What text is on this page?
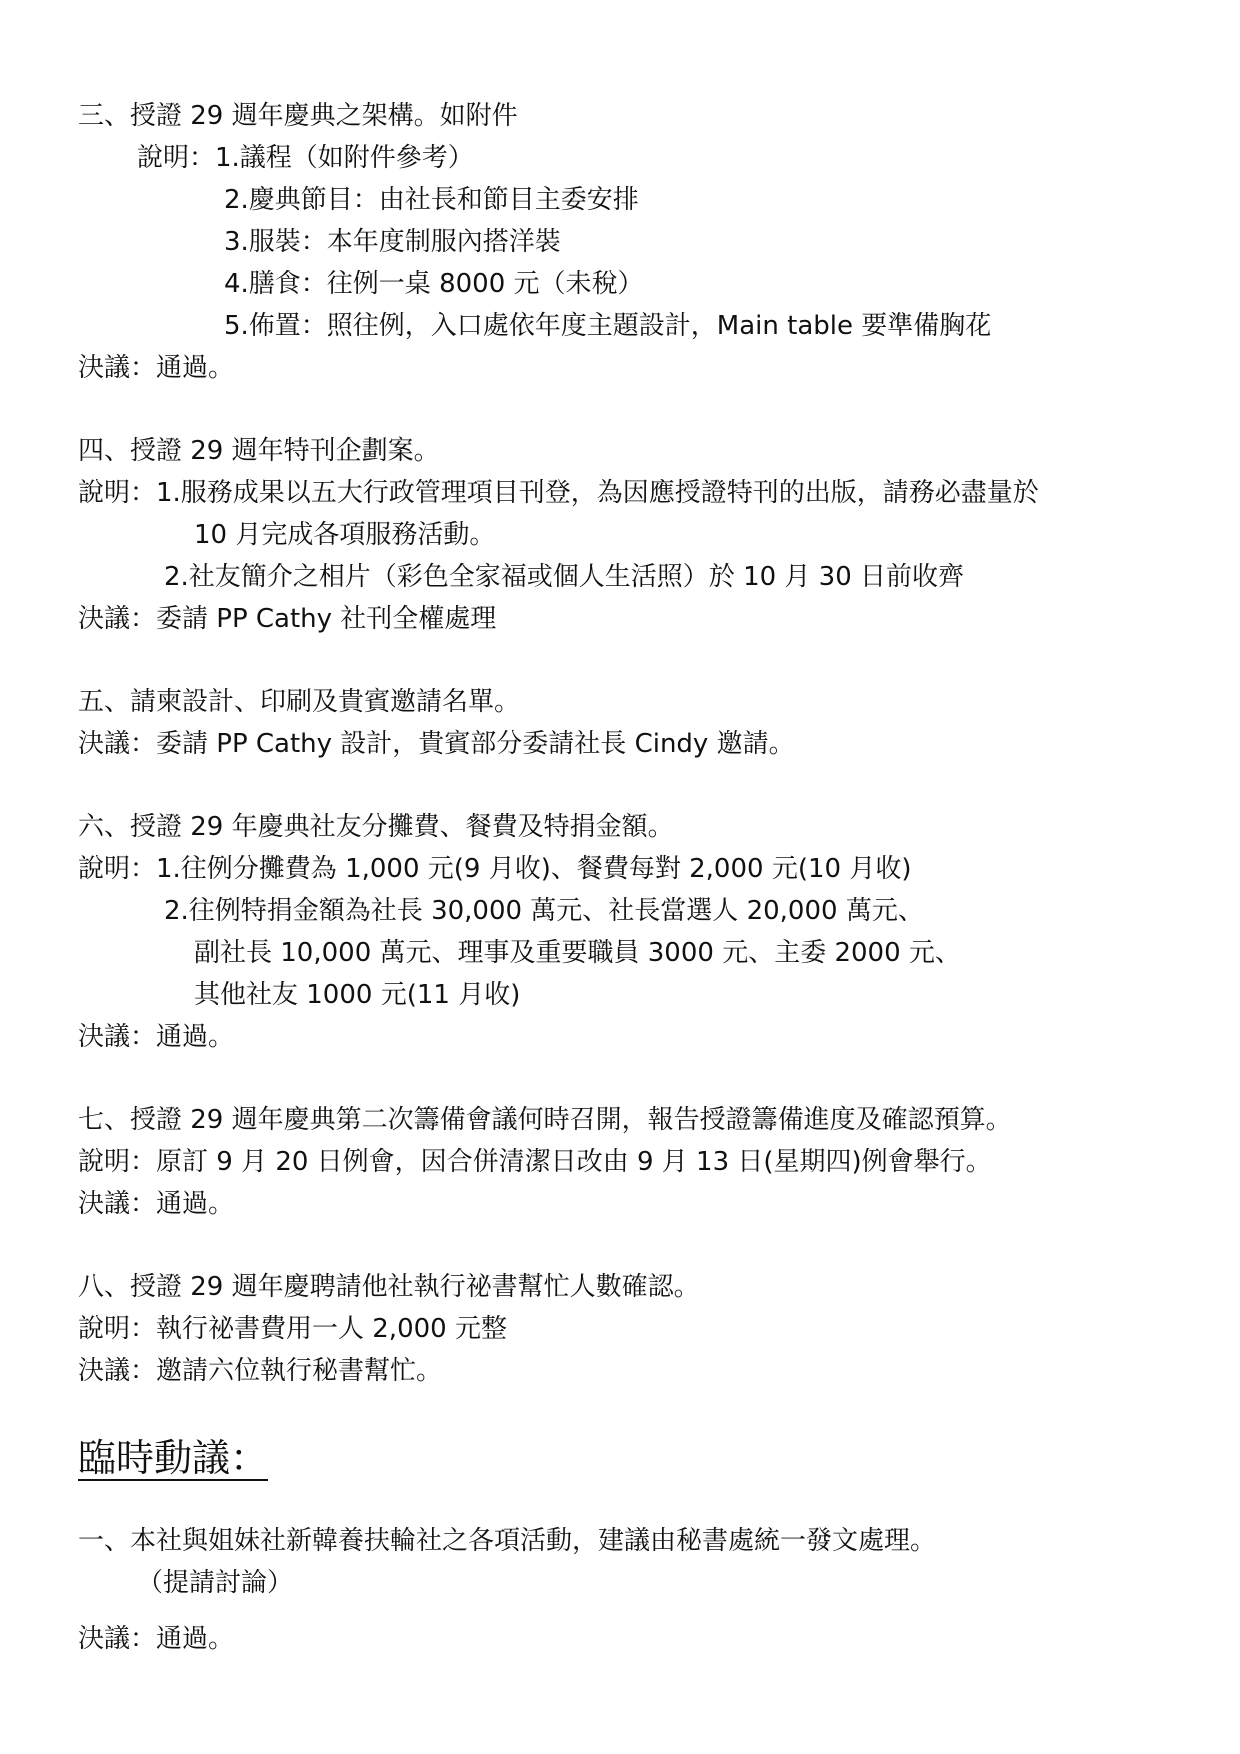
三、授證 29 週年慶典之架構。如附件
說明：1.議程（如附件參考）
2.慶典節目：由社長和節目主委安排
3.服裝：本年度制服內搭洋裝
4.膳食：往例一桌 8000 元（未稅）
5.佈置：照往例，入口處依年度主題設計，Main table 要準備胸花
決議：通過。
四、授證 29 週年特刊企劃案。
說明：1.服務成果以五大行政管理項目刊登，為因應授證特刊的出版，請務必盡量於
10 月完成各項服務活動。
2.社友簡介之相片（彩色全家福或個人生活照）於 10 月 30 日前收齊
決議：委請 PP Cathy 社刊全權處理
五、請柬設計、印刷及貴賓邀請名單。
決議：委請 PP Cathy 設計，貴賓部分委請社長 Cindy 邀請。
六、授證 29 年慶典社友分攤費、餐費及特捐金額。
說明：1.往例分攤費為 1,000 元(9 月收)、餐費每對 2,000 元(10 月收)
2.往例特捐金額為社長 30,000 萬元、社長當選人 20,000 萬元、
副社長 10,000 萬元、理事及重要職員 3000 元、主委 2000 元、
其他社友 1000 元(11 月收)
決議：通過。
七、授證 29 週年慶典第二次籌備會議何時召開，報告授證籌備進度及確認預算。
說明：原訂 9 月 20 日例會，因合併清潔日改由 9 月 13 日(星期四)例會舉行。
決議：通過。
八、授證 29 週年慶聘請他社執行祕書幫忙人數確認。
說明：執行祕書費用一人 2,000 元整
決議：邀請六位執行秘書幫忙。
臨時動議：
一、本社與姐妹社新韓養扶輪社之各項活動，建議由秘書處統一發文處理。
（提請討論）
決議：通過。
